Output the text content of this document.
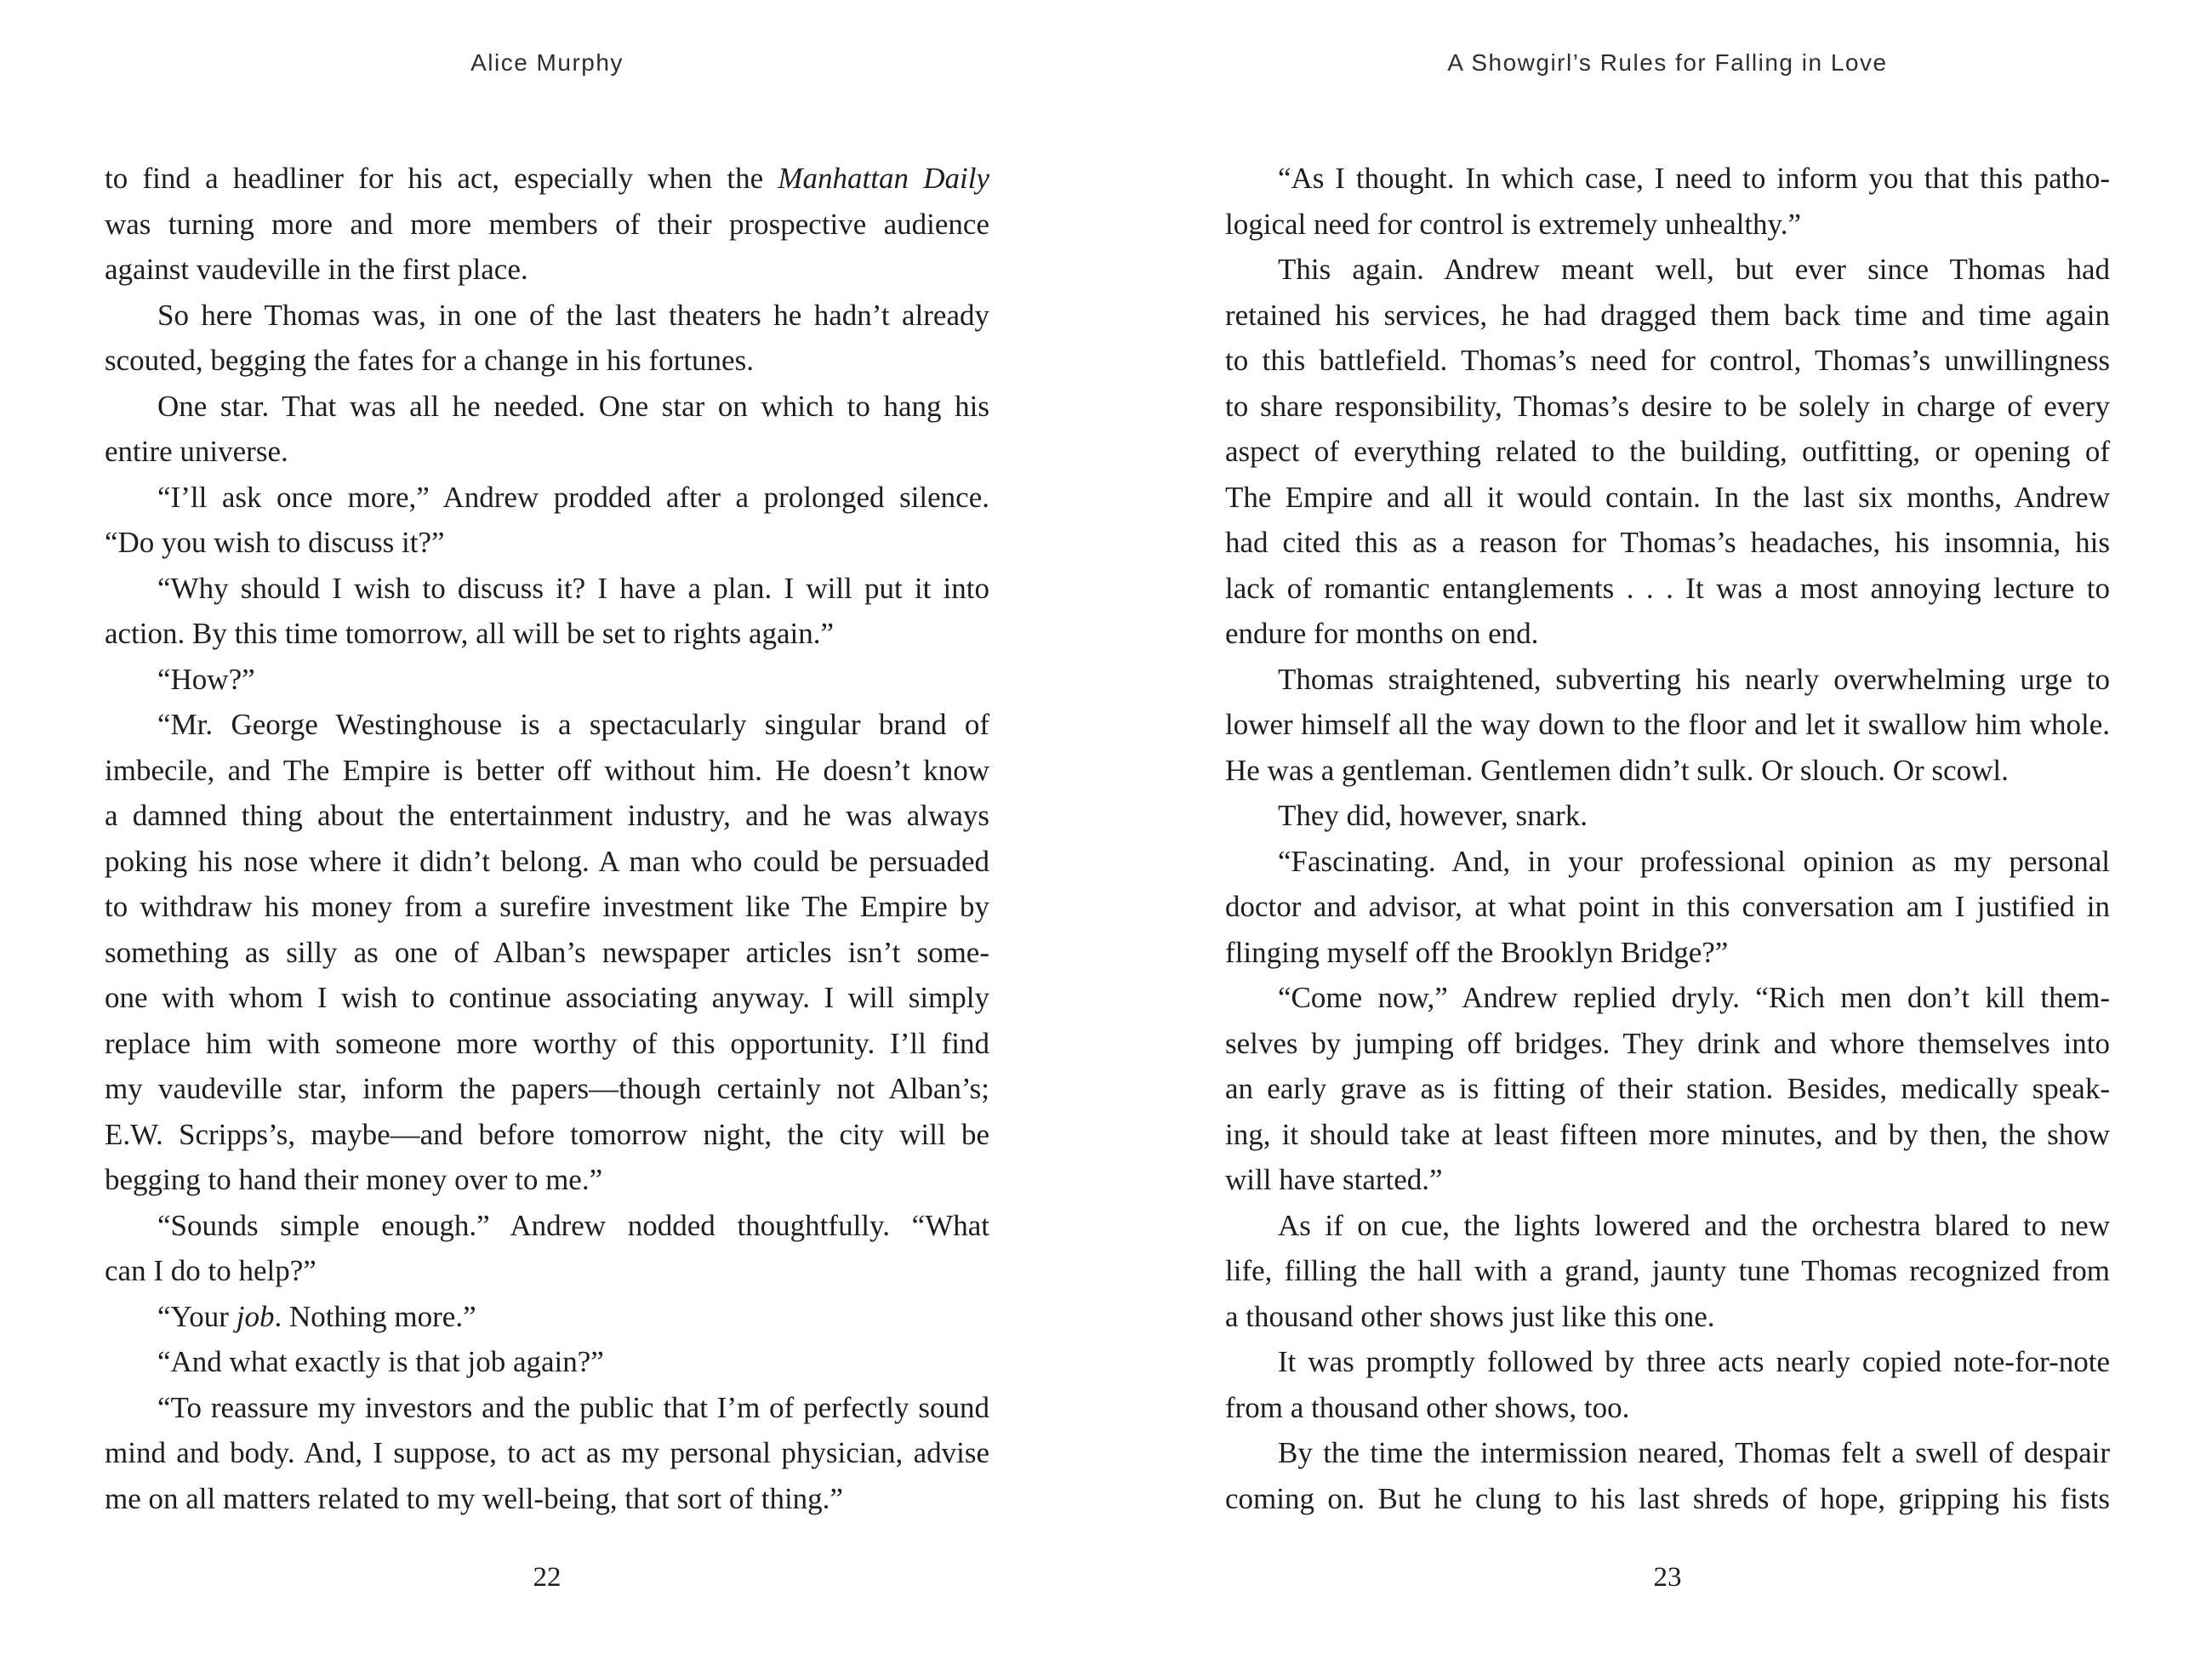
Alice Murphy
to find a headliner for his act, especially when the Manhattan Daily
was turning more and more members of their prospective audience
against vaudeville in the first place.
So here Thomas was, in one of the last theaters he hadn’t already
scouted, begging the fates for a change in his fortunes.
One star. That was all he needed. One star on which to hang his
entire universe.
“I’ll ask once more,” Andrew prodded after a prolonged silence.
“Do you wish to discuss it?”
“Why should I wish to discuss it? I have a plan. I will put it into
action. By this time tomorrow, all will be set to rights again.”
“How?”
“Mr. George Westinghouse is a spectacularly singular brand of
imbecile, and The Empire is better off without him. He doesn’t know
a damned thing about the entertainment industry, and he was always
poking his nose where it didn’t belong. A man who could be persuaded
to withdraw his money from a surefire investment like The Empire by
something as silly as one of Alban’s newspaper articles isn’t some-
one with whom I wish to continue associating anyway. I will simply
replace him with someone more worthy of this opportunity. I’ll find
my vaudeville star, inform the papers—though certainly not Alban’s;
E.W. Scripps’s, maybe—and before tomorrow night, the city will be
begging to hand their money over to me.”
“Sounds simple enough.” Andrew nodded thoughtfully. “What
can I do to help?”
“Your job. Nothing more.”
“And what exactly is that job again?”
“To reassure my investors and the public that I’m of perfectly sound
mind and body. And, I suppose, to act as my personal physician, advise
me on all matters related to my well-being, that sort of thing.”
22
A Showgirl’s Rules for Falling in Love
“As I thought. In which case, I need to inform you that this patho-
logical need for control is extremely unhealthy.”
This again. Andrew meant well, but ever since Thomas had
retained his services, he had dragged them back time and time again
to this battlefield. Thomas’s need for control, Thomas’s unwillingness
to share responsibility, Thomas’s desire to be solely in charge of every
aspect of everything related to the building, outfitting, or opening of
The Empire and all it would contain. In the last six months, Andrew
had cited this as a reason for Thomas’s headaches, his insomnia, his
lack of romantic entanglements . . . It was a most annoying lecture to
endure for months on end.
Thomas straightened, subverting his nearly overwhelming urge to
lower himself all the way down to the floor and let it swallow him whole.
He was a gentleman. Gentlemen didn’t sulk. Or slouch. Or scowl.
They did, however, snark.
“Fascinating. And, in your professional opinion as my personal
doctor and advisor, at what point in this conversation am I justified in
flinging myself off the Brooklyn Bridge?”
“Come now,” Andrew replied dryly. “Rich men don’t kill them-
selves by jumping off bridges. They drink and whore themselves into
an early grave as is fitting of their station. Besides, medically speak-
ing, it should take at least fifteen more minutes, and by then, the show
will have started.”
As if on cue, the lights lowered and the orchestra blared to new
life, filling the hall with a grand, jaunty tune Thomas recognized from
a thousand other shows just like this one.
It was promptly followed by three acts nearly copied note-for-note
from a thousand other shows, too.
By the time the intermission neared, Thomas felt a swell of despair
coming on. But he clung to his last shreds of hope, gripping his fists
23
